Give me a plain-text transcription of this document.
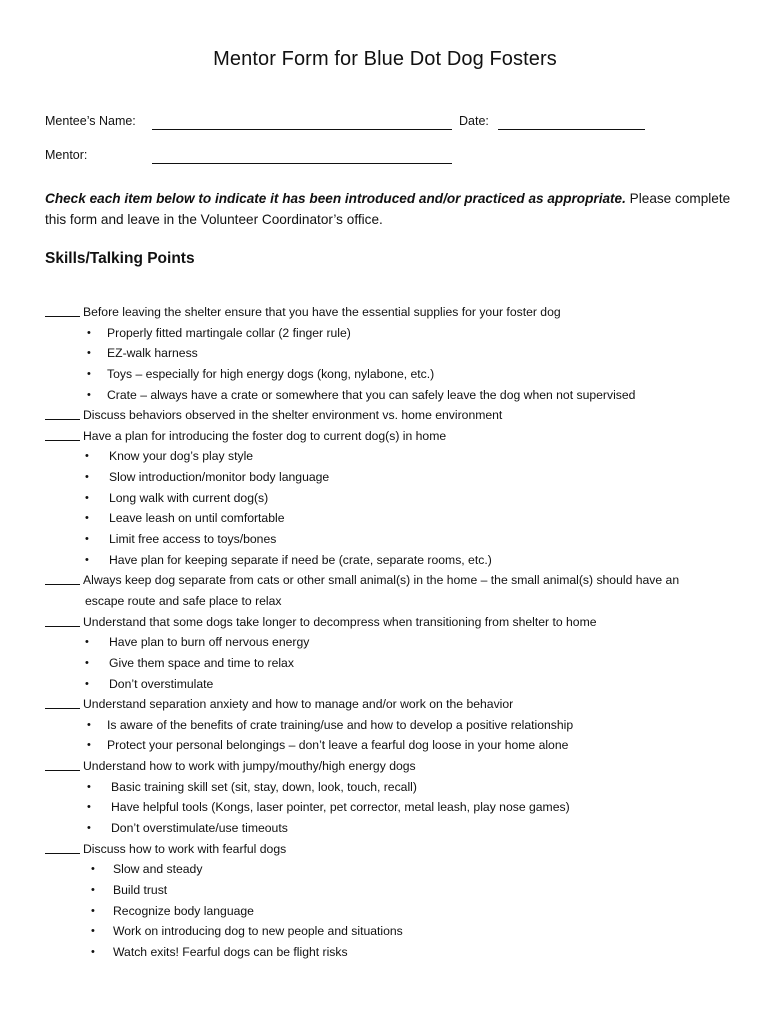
Mentor Form for Blue Dot Dog Fosters
Mentee’s Name:	Date:
Mentor:

Check each item below to indicate it has been introduced and/or practiced as appropriate. Please complete this form and leave in the Volunteer Coordinator’s office.

Skills/Talking Points
Before leaving the shelter ensure that you have the essential supplies for your foster dog
• Properly fitted martingale collar (2 finger rule)
• EZ-walk harness
• Toys – especially for high energy dogs (kong, nylabone, etc.)
• Crate – always have a crate or somewhere that you can safely leave the dog when not supervised
Discuss behaviors observed in the shelter environment vs. home environment
Have a plan for introducing the foster dog to current dog(s) in home
• Know your dog’s play style
• Slow introduction/monitor body language
• Long walk with current dog(s)
• Leave leash on until comfortable
• Limit free access to toys/bones
• Have plan for keeping separate if need be (crate, separate rooms, etc.)
Always keep dog separate from cats or other small animal(s) in the home – the small animal(s) should have an
escape route and safe place to relax
Understand that some dogs take longer to decompress when transitioning from shelter to home
• Have plan to burn off nervous energy
• Give them space and time to relax
• Don’t overstimulate
Understand separation anxiety and how to manage and/or work on the behavior
• Is aware of the benefits of crate training/use and how to develop a positive relationship
• Protect your personal belongings – don’t leave a fearful dog loose in your home alone
Understand how to work with jumpy/mouthy/high energy dogs
• Basic training skill set (sit, stay, down, look, touch, recall)
• Have helpful tools (Kongs, laser pointer, pet corrector, metal leash, play nose games)
• Don’t overstimulate/use timeouts
Discuss how to work with fearful dogs
• Slow and steady
• Build trust
• Recognize body language
• Work on introducing dog to new people and situations
• Watch exits! Fearful dogs can be flight risks
